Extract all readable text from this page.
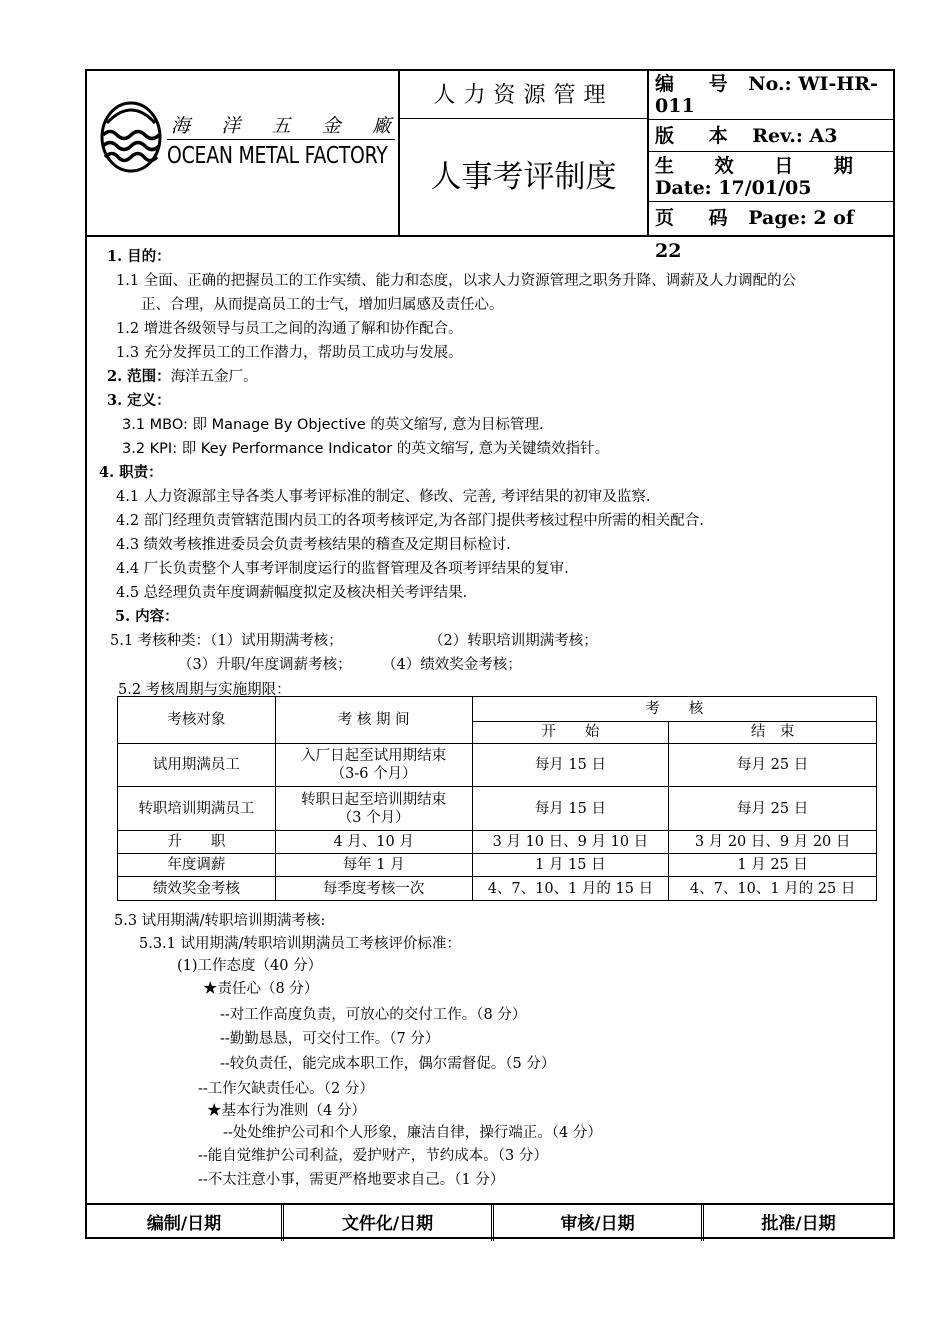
海 洋 五 金 廠
OCEAN METAL FACTORY
人力资源管理
人事考评制度
编 号 No.: WI-HR-011
版 本 Rev.: A3
生 效 日 期 Date: 17/01/05
页 码 Page: 2 of 22
1. 目的：
1.1 全面、正确的把握员工的工作实绩、能力和态度，以求人力资源管理之职务升降、调薪及人力调配的公
正、合理，从而提高员工的士气，增加归属感及责任心。
1.2 增进各级领导与员工之间的沟通了解和协作配合。
1.3 充分发挥员工的工作潜力，帮助员工成功与发展。
2. 范围：海洋五金厂。
3. 定义：
3.1 MBO: 即 Manage By Objective 的英文缩写, 意为目标管理.
3.2 KPI: 即 Key Performance Indicator 的英文缩写, 意为关键绩效指针。
4. 职责：
4.1 人力资源部主导各类人事考评标准的制定、修改、完善, 考评结果的初审及监察.
4.2 部门经理负责管辖范围内员工的各项考核评定,为各部门提供考核过程中所需的相关配合.
4.3 绩效考核推进委员会负责考核结果的稽查及定期目标检讨.
4.4 厂长负责整个人事考评制度运行的监督管理及各项考评结果的复审.
4.5 总经理负责年度调薪幅度拟定及核决相关考评结果.
5. 内容：
5.1 考核种类：（1）试用期满考核；	（2）转职培训期满考核；
（3）升职/年度调薪考核； （4）绩效奖金考核；
5.2 考核周期与实施期限：
5.3 试用期满/转职培训期满考核:
5.3.1 试用期满/转职培训期满员工考核评价标准：
(1)工作态度（40 分）
★责任心（8 分）
--对工作高度负责，可放心的交付工作。（8 分）
--勤勤恳恳，可交付工作。（7 分）
--较负责任，能完成本职工作，偶尔需督促。（5 分）
--工作欠缺责任心。（2 分）
★基本行为准则（4 分）
--处处维护公司和个人形象，廉洁自律，操行端正。（4 分）
--能自觉维护公司利益，爱护财产，节约成本。（3 分）
--不太注意小事，需更严格地要求自己。（1 分）
考核对象	考 核 期 间	考　　核	
		开　　始	结　束
试用期满员工	入厂日起至试用期结束
（3-6 个月）	每月 15 日	每月 25 日
转职培训期满员工	转职日起至培训期结束
（3 个月）	每月 15 日	每月 25 日
升　　职	4 月、10 月	3 月 10 日、9 月 10 日	3 月 20 日、9 月 20 日
年度调薪	每年 1 月	1 月 15 日	1 月 25 日
绩效奖金考核	每季度考核一次	4、7、10、1 月的 15 日	4、7、10、1 月的 25 日
编制/日期	文件化/日期	审核/日期	批准/日期
